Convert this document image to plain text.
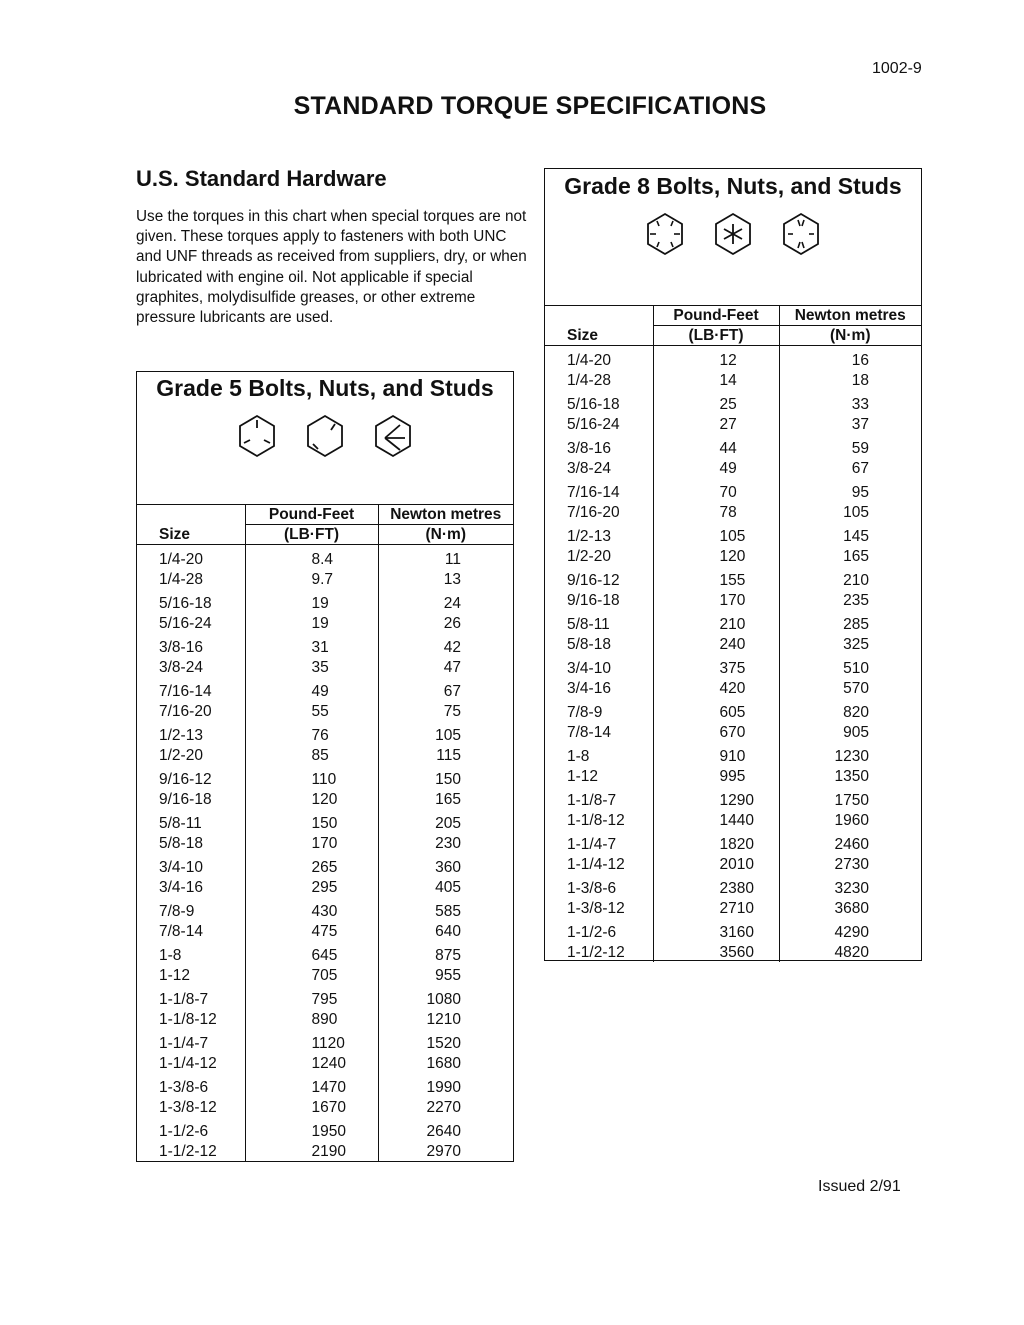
1002-9
STANDARD TORQUE SPECIFICATIONS
U.S. Standard Hardware
Use the torques in this chart when special torques are not given. These torques apply to fasteners with both UNC and UNF threads as received from suppliers, dry, or when lubricated with engine oil. Not applicable if special graphites, molydisulfide greases, or other extreme pressure lubricants are used.
Grade 5 Bolts, Nuts, and Studs

Size	Pound-Feet	Newton metres
	(LB·FT)	(N·m)
1/4-20	8.4	11
1/4-28	9.7	13
5/16-18	19	24
5/16-24	19	26
3/8-16	31	42
3/8-24	35	47
7/16-14	49	67
7/16-20	55	75
1/2-13	76	105
1/2-20	85	115
9/16-12	110	150
9/16-18	120	165
5/8-11	150	205
5/8-18	170	230
3/4-10	265	360
3/4-16	295	405
7/8-9	430	585
7/8-14	475	640
1-8	645	875
1-12	705	955
1-1/8-7	795	1080
1-1/8-12	890	1210
1-1/4-7	1120	1520
1-1/4-12	1240	1680
1-3/8-6	1470	1990
1-3/8-12	1670	2270
1-1/2-6	1950	2640
1-1/2-12	2190	2970
Grade 8 Bolts, Nuts, and Studs

Size	Pound-Feet	Newton metres
	(LB·FT)	(N·m)
1/4-20	12	16
1/4-28	14	18
5/16-18	25	33
5/16-24	27	37
3/8-16	44	59
3/8-24	49	67
7/16-14	70	95
7/16-20	78	105
1/2-13	105	145
1/2-20	120	165
9/16-12	155	210
9/16-18	170	235
5/8-11	210	285
5/8-18	240	325
3/4-10	375	510
3/4-16	420	570
7/8-9	605	820
7/8-14	670	905
1-8	910	1230
1-12	995	1350
1-1/8-7	1290	1750
1-1/8-12	1440	1960
1-1/4-7	1820	2460
1-1/4-12	2010	2730
1-3/8-6	2380	3230
1-3/8-12	2710	3680
1-1/2-6	3160	4290
1-1/2-12	3560	4820
Issued 2/91
